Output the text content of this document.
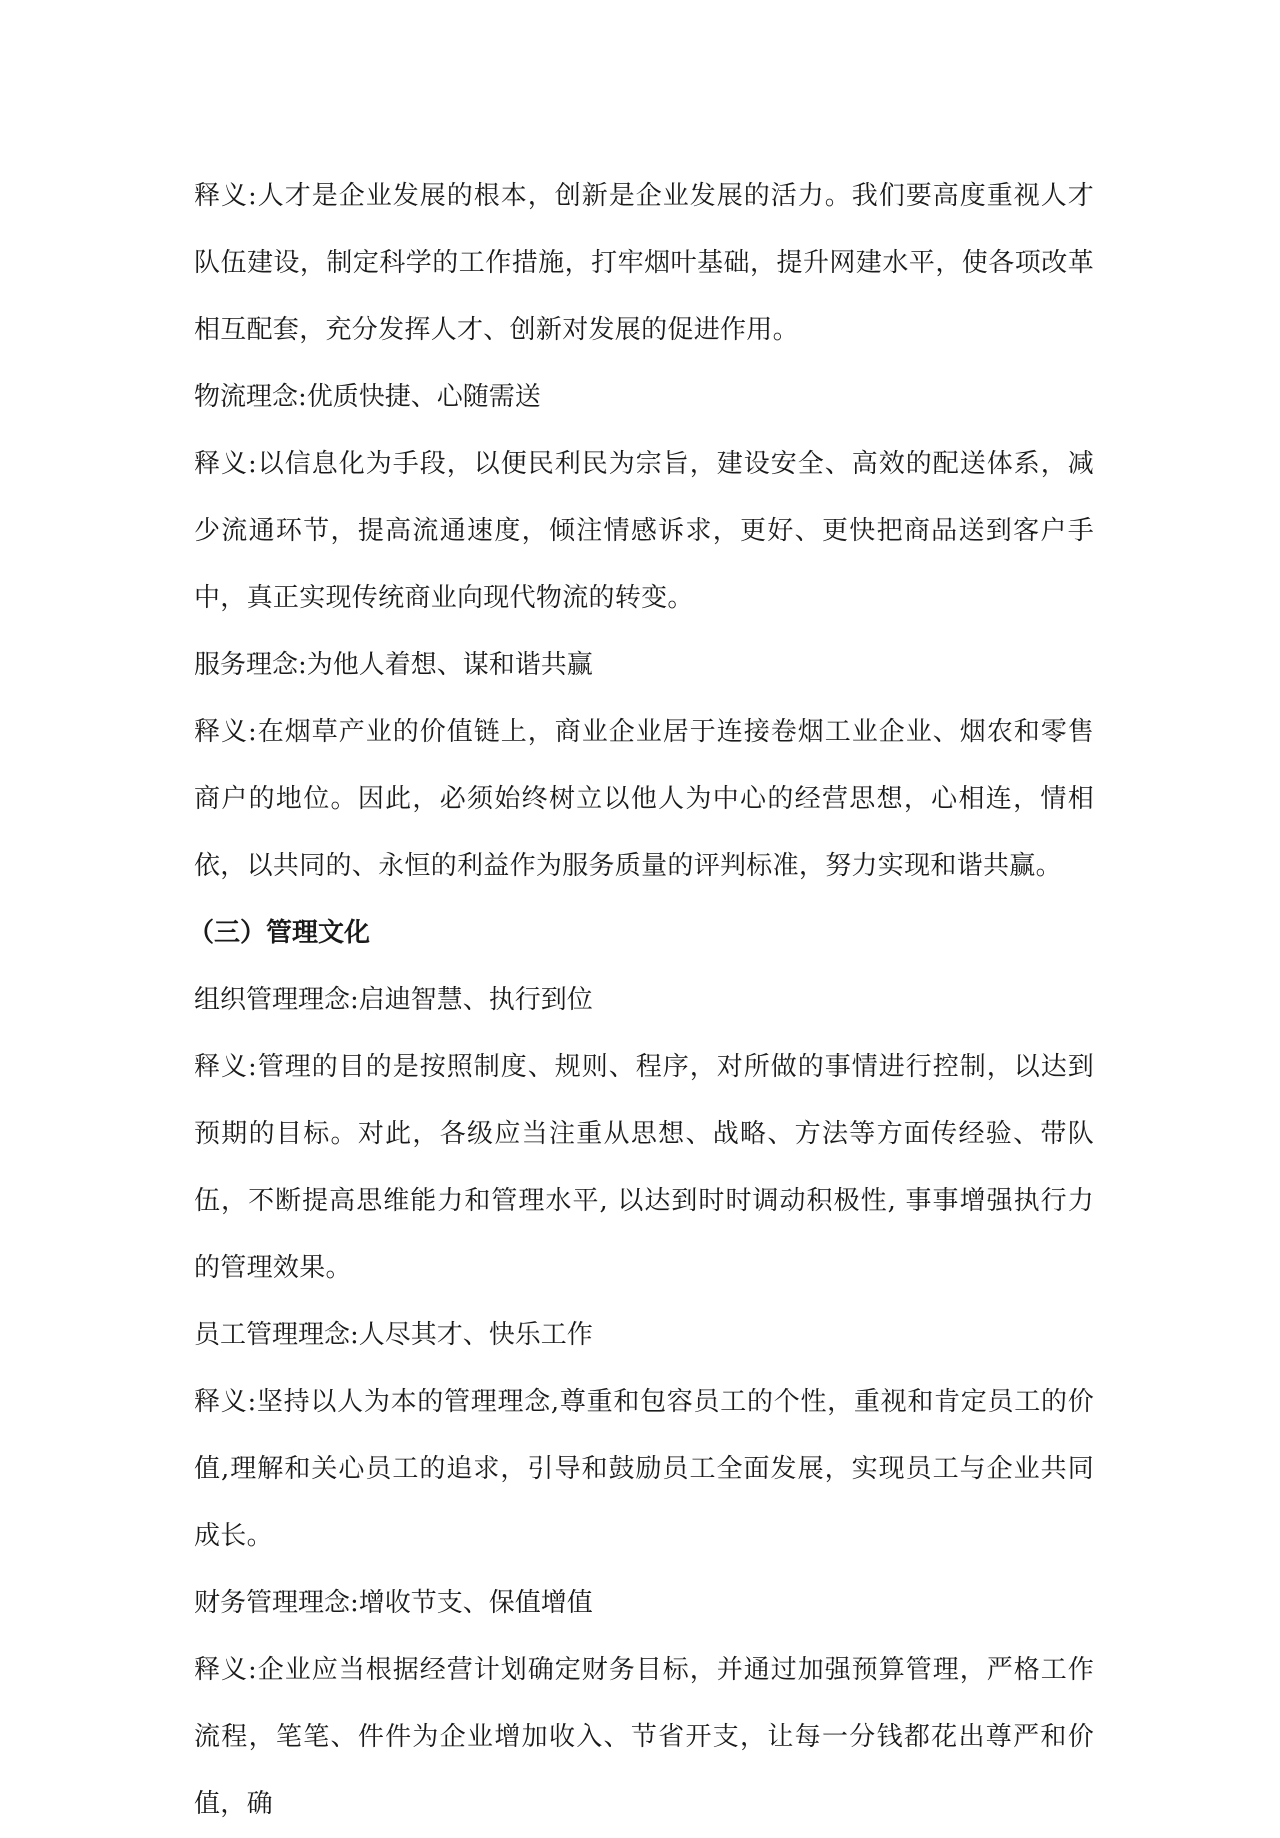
释义:人才是企业发展的根本，创新是企业发展的活力。我们要高度重视人才队伍建设，制定科学的工作措施，打牢烟叶基础，提升网建水平，使各项改革相互配套，充分发挥人才、创新对发展的促进作用。

物流理念:优质快捷、心随需送

释义:以信息化为手段，以便民利民为宗旨，建设安全、高效的配送体系，减少流通环节，提高流通速度，倾注情感诉求，更好、更快把商品送到客户手中，真正实现传统商业向现代物流的转变。

服务理念:为他人着想、谋和谐共赢

释义:在烟草产业的价值链上，商业企业居于连接卷烟工业企业、烟农和零售商户的地位。因此，必须始终树立以他人为中心的经营思想，心相连，情相依，以共同的、永恒的利益作为服务质量的评判标准，努力实现和谐共赢。

（三）管理文化

组织管理理念:启迪智慧、执行到位

释义:管理的目的是按照制度、规则、程序，对所做的事情进行控制，以达到预期的目标。对此，各级应当注重从思想、战略、方法等方面传经验、带队伍，不断提高思维能力和管理水平, 以达到时时调动积极性, 事事增强执行力的管理效果。

员工管理理念:人尽其才、快乐工作

释义:坚持以人为本的管理理念,尊重和包容员工的个性，重视和肯定员工的价值,理解和关心员工的追求，引导和鼓励员工全面发展，实现员工与企业共同成长。

财务管理理念:增收节支、保值增值

释义:企业应当根据经营计划确定财务目标，并通过加强预算管理，严格工作流程，笔笔、件件为企业增加收入、节省开支，让每一分钱都花出尊严和价值，确
